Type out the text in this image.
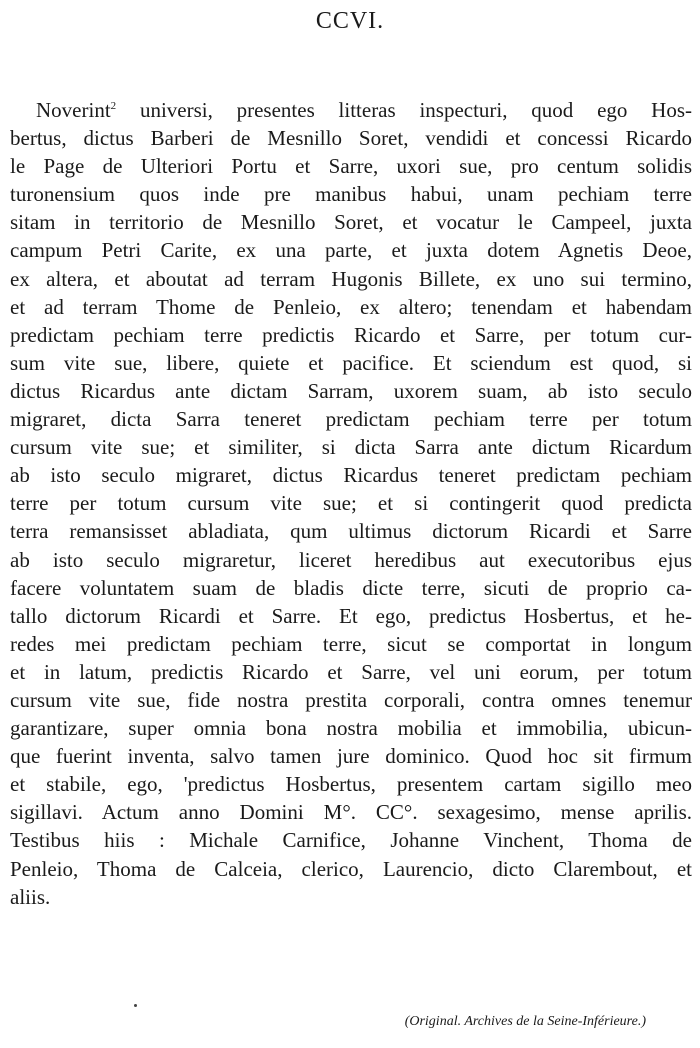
CCVI.
Noverint$^2$ universi, presentes litteras inspecturi, quod ego Hos-
bertus, dictus Barberi de Mesnillo Soret, vendidi et concessi Ricardo
le Page de Ulteriori Portu et Sarre, uxori sue, pro centum solidis
turonensium quos inde pre manibus habui, unam pechiam terre
sitam in territorio de Mesnillo Soret, et vocatur le Campeel, juxta
campum Petri Carite, ex una parte, et juxta dotem Agnetis Deoe,
ex altera, et aboutat ad terram Hugonis Billete, ex uno sui termino,
et ad terram Thome de Penleio, ex altero; tenendam et habendam
predictam pechiam terre predictis Ricardo et Sarre, per totum cur-
sum vite sue, libere, quiete et pacifice. Et sciendum est quod, si
dictus Ricardus ante dictam Sarram, uxorem suam, ab isto seculo
migraret, dicta Sarra teneret predictam pechiam terre per totum
cursum vite sue; et similiter, si dicta Sarra ante dictum Ricardum
ab isto seculo migraret, dictus Ricardus teneret predictam pechiam
terre per totum cursum vite sue; et si contingerit quod predicta
terra remansisset abladiata, qum ultimus dictorum Ricardi et Sarre
ab isto seculo migraretur, liceret heredibus aut executoribus ejus
facere voluntatem suam de bladis dicte terre, sicuti de proprio ca-
tallo dictorum Ricardi et Sarre. Et ego, predictus Hosbertus, et he-
redes mei predictam pechiam terre, sicut se comportat in longum
et in latum, predictis Ricardo et Sarre, vel uni eorum, per totum
cursum vite sue, fide nostra prestita corporali, contra omnes tenemur
garantizare, super omnia bona nostra mobilia et immobilia, ubicun-
que fuerint inventa, salvo tamen jure dominico. Quod hoc sit firmum
et stabile, ego, 'predictus Hosbertus, presentem cartam sigillo meo
sigillavi. Actum anno Domini M°. CC°. sexagesimo, mense aprilis.
Testibus hiis : Michale Carnifice, Johanne Vinchent, Thoma de
Penleio, Thoma de Calceia, clerico, Laurencio, dicto Clarembout, et
aliis.
(Original. Archives de la Seine-Inférieure.)
